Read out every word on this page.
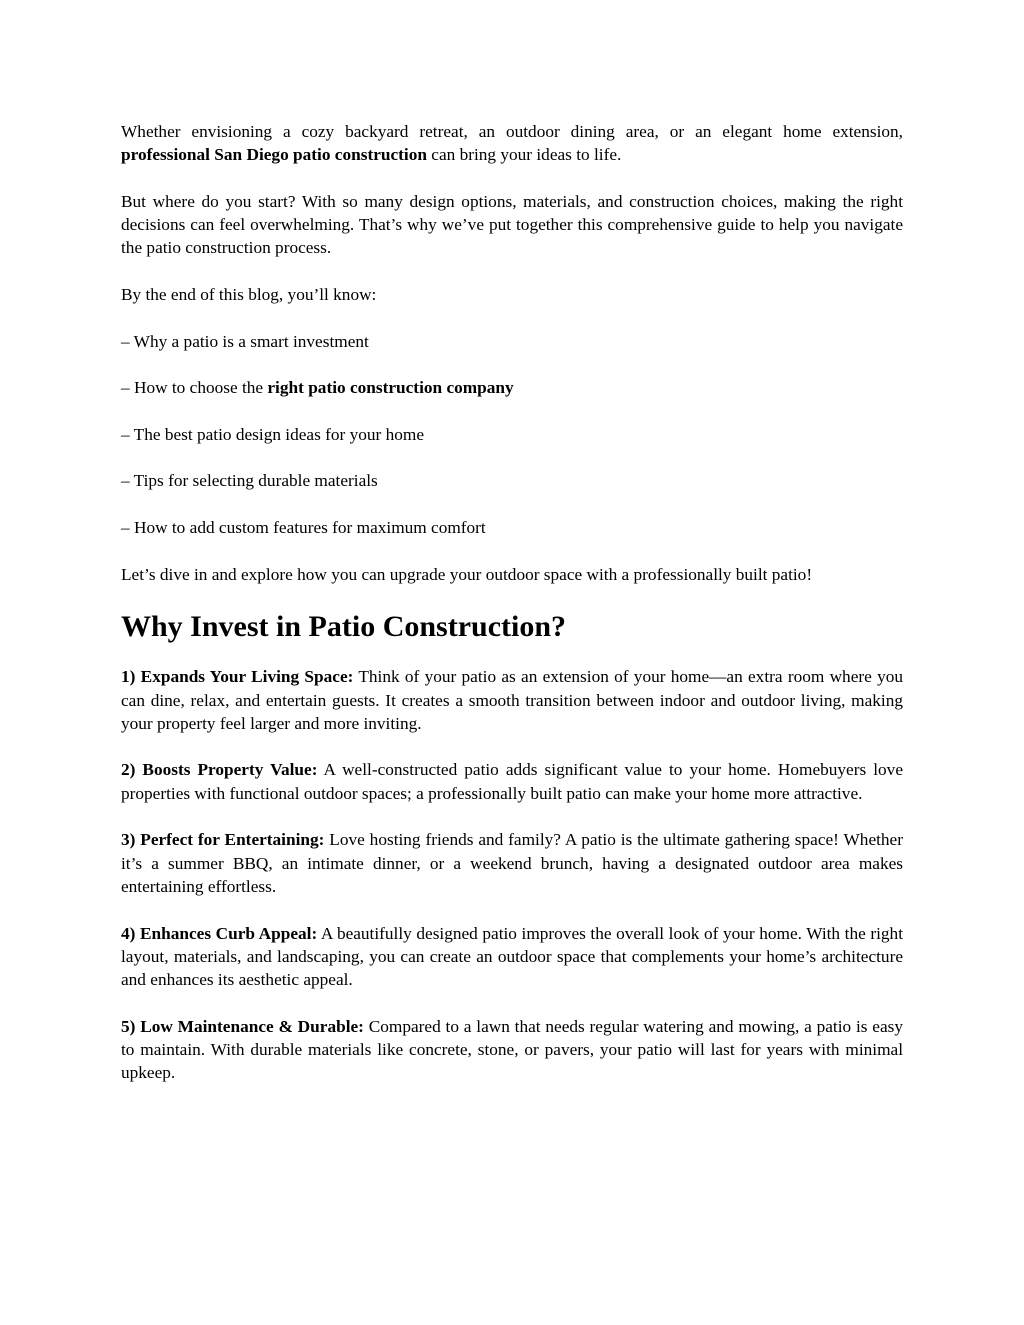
Whether envisioning a cozy backyard retreat, an outdoor dining area, or an elegant home extension, professional San Diego patio construction can bring your ideas to life.

But where do you start? With so many design options, materials, and construction choices, making the right decisions can feel overwhelming. That’s why we’ve put together this comprehensive guide to help you navigate the patio construction process.

By the end of this blog, you’ll know:

– Why a patio is a smart investment

– How to choose the right patio construction company

– The best patio design ideas for your home

– Tips for selecting durable materials

– How to add custom features for maximum comfort

Let’s dive in and explore how you can upgrade your outdoor space with a professionally built patio!

Why Invest in Patio Construction?

1) Expands Your Living Space: Think of your patio as an extension of your home—an extra room where you can dine, relax, and entertain guests. It creates a smooth transition between indoor and outdoor living, making your property feel larger and more inviting.

2) Boosts Property Value: A well-constructed patio adds significant value to your home. Homebuyers love properties with functional outdoor spaces; a professionally built patio can make your home more attractive.

3) Perfect for Entertaining: Love hosting friends and family? A patio is the ultimate gathering space! Whether it’s a summer BBQ, an intimate dinner, or a weekend brunch, having a designated outdoor area makes entertaining effortless.

4) Enhances Curb Appeal: A beautifully designed patio improves the overall look of your home. With the right layout, materials, and landscaping, you can create an outdoor space that complements your home’s architecture and enhances its aesthetic appeal.

5) Low Maintenance & Durable: Compared to a lawn that needs regular watering and mowing, a patio is easy to maintain. With durable materials like concrete, stone, or pavers, your patio will last for years with minimal upkeep.
